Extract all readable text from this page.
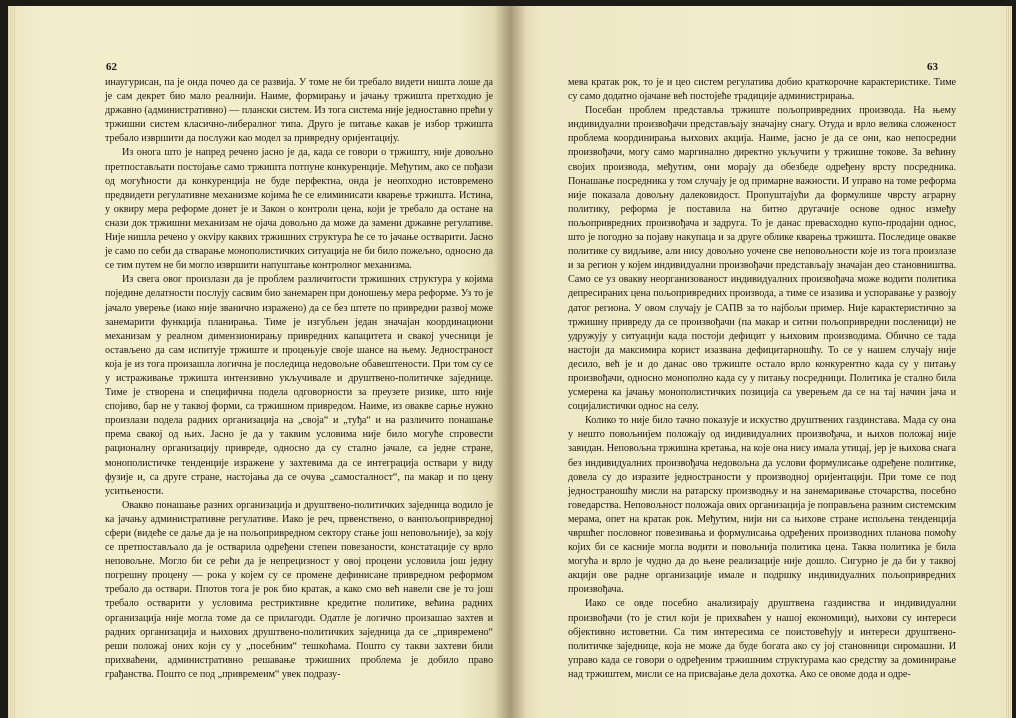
62

инаугурисан, па је онда почео да се развија. У томе не би требало видети ништа лоше да је сам декрет био мало реалнији. Наиме, формирању и јачању тржишта претходио је државно (административно) — плански систем. Из тога система није једноставно прећи у тржишни систем класично-либералног типа. Друго је питање какав је избор тржишта требало извршити да послужи као модел за привредну оријентацију.

Из онога што је напред речено јасно је да, када се говори о тржишту, није довољно претпостављати постојање само тржишта потпуне конкуренције. Међутим, ако се пођази од могућности да конкуренција не буде перфектна, онда је неопходно истовремено предвидети регулативне механизме којима ће се елиминисати кварење тржишта. Истина, у оквиру мера реформе донет је и Закон о контроли цена, који је требало да остане на снази док тржишни механизам не ојача довољно да може да замени државне регулативе. Није нишла речено у окviру каквих тржишних структура ће се то јачање остварити. Јасно је само по себи да стварање монополистичких ситуација не би било пожељно, односно да се тим путем не би могло извршити напуштање контролног механизма.

Из свега овог произлази да је проблем различитости тржишних структура у којима поједине делатности послују сасвим био занемарен при доношењу мера реформе. Уз то је јачало уверење (иако није званично изражено) да се без штете по привредни развој може занемарити функција планирања. Тиме је изгубљен један значајан координациони механизам у реалном димензионирању привредних капацитета и свакој учесници је остављено да сам испитује тржиште и процењује своје шансе на њему. Једностраност која је из тога произашла логична је последица недовољне обавештености. При том су се у истраживање тржишта интензивно укључивале и друштвено-политичке заједнице. Тиме је створена и специфична подела одговорности за преузете ризике, што није спојиво, бар не у таквој форми, са тржишном привредом. Наиме, из овакве сарње нужно произлази подела радних организација на „своја“ и „туђа“ и на различито понашање према свакој од њих. Јасно је да у таквим условима није било могуће спровести рационалну организацију привреде, односно да су стално јачале, са једне стране, монополистичке тенденције изражене у захтевима да се интеграција оствари у виду фузије и, са друге стране, настојања да се очува „самосталност“, па макар и по цену уситњености.

Овакво понашање разних организација и друштвено-политичких заједница водило је ка јачању административне регулативе. Иако је реч, првенствено, о ванпољопривредној сфери (видеће се даље да је на пољопривредном сектору стање још неповољније), за коју се претпостављало да је остварила одређени степен повезаности, констатације су врло неповољне. Могло би се рећи да је непрецизност у овој процени условила још једну погрешну процену — рока у којем су се промене дефинисане привредном реформом требало да оствари. Ппотов тога је рок био кратак, а како смо већ навели све је то још требало остварити у условима рестриктивне кредитне политике, већина радних организација није могла томе да се прилагоди. Одатле је логично произашао захтев и радних организација и њихових друштвено-политичких заједница да се „привремено“ реши положај оних којн су у „посебним“ тешкоћама. Пошто су такви захтеви били прихваћени, административно решавање тржишних проблема је добило право грађанства. Пошто се под „привремеим“ увек подразу-

63

мева кратак рок, то је и цео систем регулатива добио краткорочне карактеристике. Тиме су само додатно ојачане већ постојеће традиције администрирања.

Посебан проблем представља тржиште пољопривредних производа. На њему индивидуални произвођачи представљају значајну снагу. Отуда и врло велика сложеност проблема координирања њихових акција. Наиме, јасно је да се они, као непосредни произвођачи, могу само маргинално директно укључити у тржишне токове. За већину својих производа, међутим, они морају да обезбеде одређену врсту посредника. Понашање посредника у том случају је од примарне важности. И управо на томе реформа није показала довољну далековидост. Пропуштајући да формулише чврсту аграрну политику, реформа је поставила на битно другачије основе однос између пољопривредних произвођача и задруга. То је данас превасходно купо-продајни однос, што је погодно за појаву накупаца и за друге облике кварења тржишта. Последице овакве политике су видљиве, али нису довољно уочене све неповољности које из тога произлазе и за регион у којем индивидуални произвођачи представљају значајан део становништва. Само се уз овакву неорганизованост индивидуалних произвођача може водити политика депресираних цена пољопривредних производа, а тиме се изазива и успоравање у развоју датог региона. У овом случају је САПВ за то најбољи пример. Није карактеристично за тржишну привреду да се произвођачи (па макар и ситни пољопривредни посленици) не удружују у ситуацији када постоји дефицит у њиховим производима. Обично се тада настоји да максимира корист изазвана дефицитарношћу. То се у нашем случају није десило, већ је и до данас ово тржиште остало врло конкурентно када су у питању произвођачи, односно монополно када су у питању посредници. Политика је стално била усмерена ка јачању монополистичких позиција са уверењем да се на тај начин јача и социјалистички однос на селу.

Колико то није било тачно показује и искуство друштвених газдинстава. Мада су она у нешто повољнијем положају од индивидуалних произвођача, и њихов положај није завидан. Неповољна тржишна кретања, на које она нису имала утицај, јер је њихова снага без индивидуалних произвођача недовољна да услови формулисање одређене политике, довела су до изразите једностраности у производној оријентацији. При томе се под једностраношћу мисли на ратарску производњу и на занемаривање сточарства, посебно говедарства. Неповољност положаја ових организација је поправљена разним системским мерама, опет на кратак рок. Међутим, нији ни са њихове стране испољена тенденција чвршћег пословног повезивања и формулисања одређених производних планова помоћу којих би се касније могла водити и повољнија политика цена. Таква политика је била могућа и врло је чудно да до њене реализације није дошло. Сигурно је да би у таквој акцији ове радне организације имале и подршку индивидуалних пољопривредних произвођача.

Иако се овде посебно анализирају друштвена газдинства и индивидуални произвођачи (то је стил који је прихваћен у нашој економици), њихови су интереси објективно истоветни. Са тим интересима се поистовећују и интереси друштвено-политичке заједнице, која не може да буде богата ако су јој становници сиромашни. И управо када се говори о одређеним тржишним структурама као средству за доминирање над тржиштем, мисли се на присвајање дела дохотка. Ако се овоме дода и одре-
